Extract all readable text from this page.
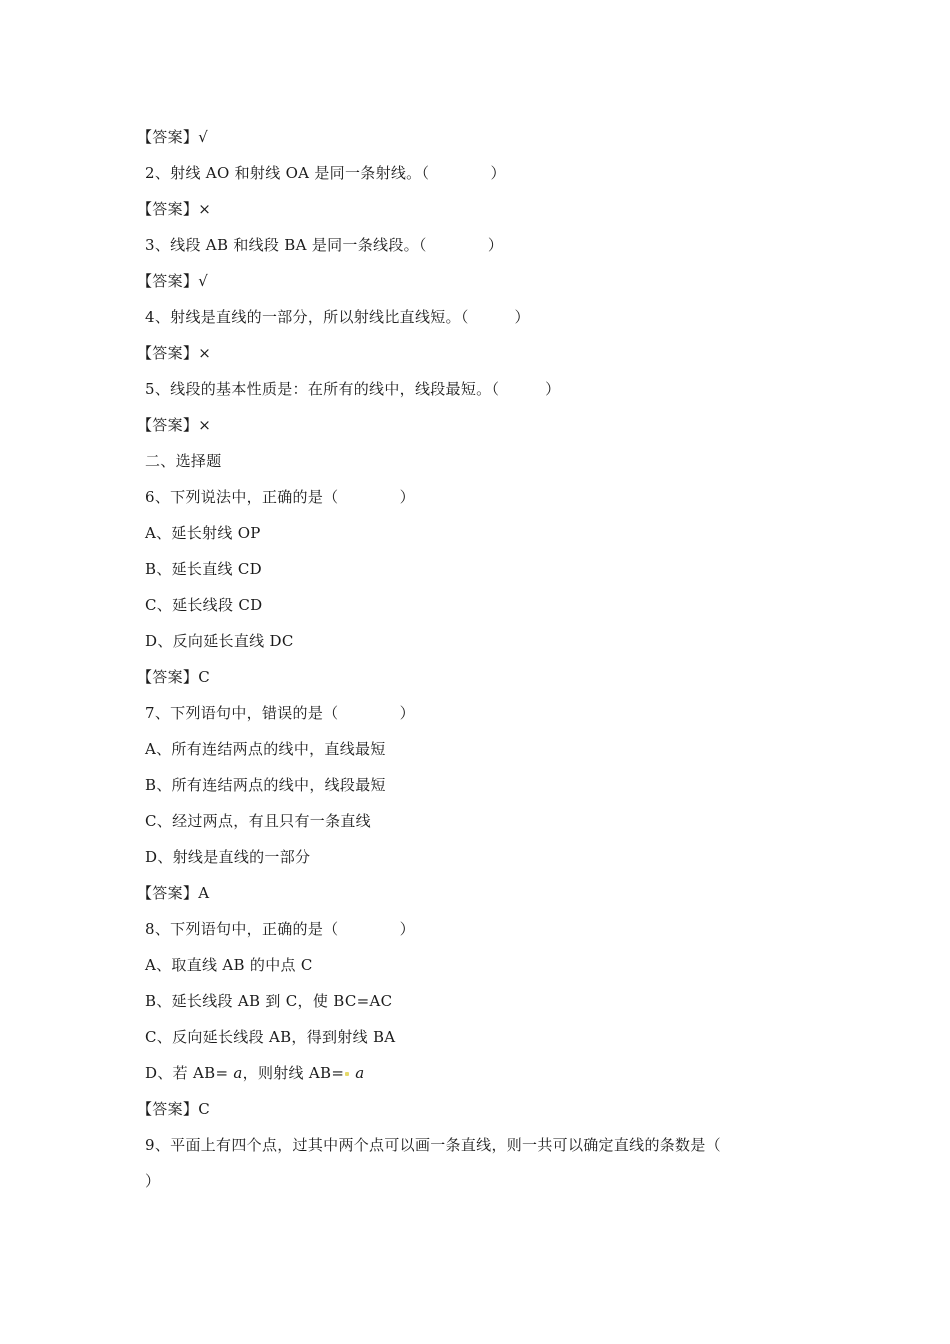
【答案】√
2、射线 AO 和射线 OA 是同一条射线。（　　　　）
【答案】×
3、线段 AB 和线段 BA 是同一条线段。（　　　　）
【答案】√
4、射线是直线的一部分，所以射线比直线短。（　　　）
【答案】×
5、线段的基本性质是：在所有的线中，线段最短。（　　　）
【答案】×
二、选择题
6、下列说法中，正确的是（　　　　）
A、延长射线 OP
B、延长直线 CD
C、延长线段 CD
D、反向延长直线 DC
【答案】C
7、下列语句中，错误的是（　　　　）
A、所有连结两点的线中，直线最短
B、所有连结两点的线中，线段最短
C、经过两点，有且只有一条直线
D、射线是直线的一部分
【答案】A
8、下列语句中，正确的是（　　　　）
A、取直线 AB 的中点 C
B、延长线段 AB 到 C，使 BC=AC
C、反向延长线段 AB，得到射线 BA
D、若 AB= a，则射线 AB= a
【答案】C
9、平面上有四个点，过其中两个点可以画一条直线，则一共可以确定直线的条数是（
）
